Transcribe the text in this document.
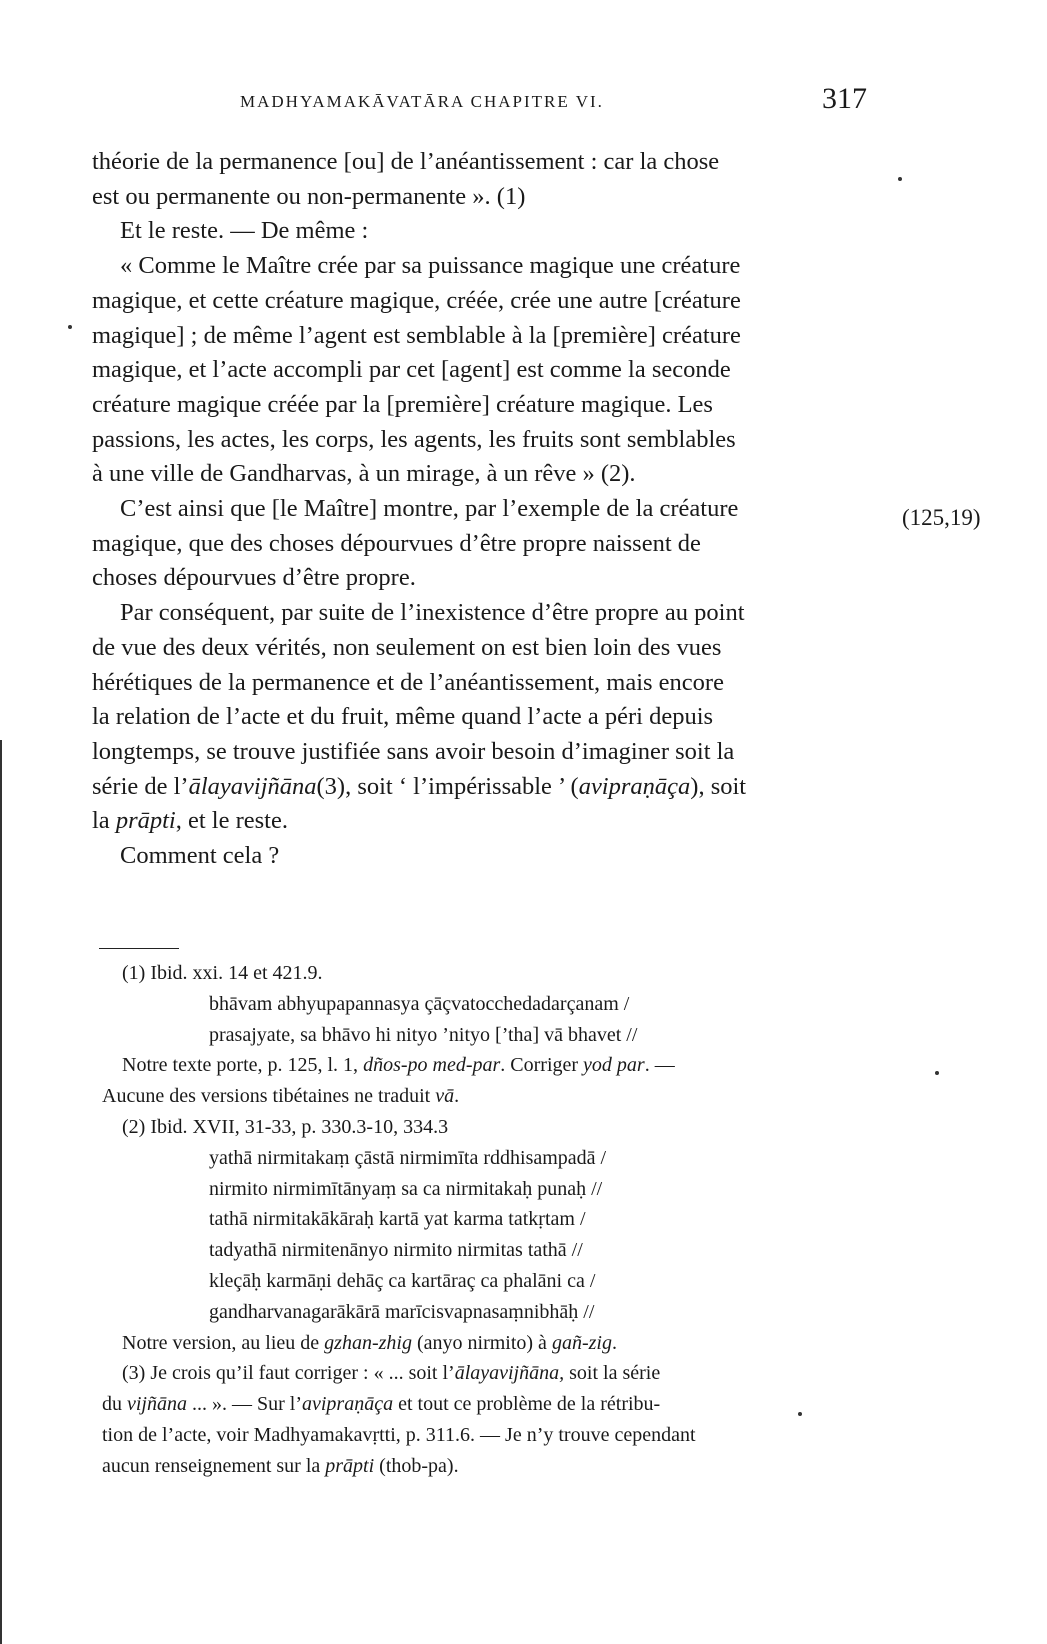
MADHYAMAKĀVATĀRA CHAPITRE VI.	317
théorie de la permanence [ou] de l’anéantissement : car la chose
est ou permanente ou non-permanente ». (1)
Et le reste. — De même :
« Comme le Maître crée par sa puissance magique une créature
magique, et cette créature magique, créée, crée une autre [créature
magique] ; de même l’agent est semblable à la [première] créature
magique, et l’acte accompli par cet [agent] est comme la seconde
créature magique créée par la [première] créature magique. Les
passions, les actes, les corps, les agents, les fruits sont semblables
à une ville de Gandharvas, à un mirage, à un rêve » (2).
C’est ainsi que [le Maître] montre, par l’exemple de la créature
magique, que des choses dépourvues d’être propre naissent de
choses dépourvues d’être propre.
Par conséquent, par suite de l’inexistence d’être propre au point
de vue des deux vérités, non seulement on est bien loin des vues
hérétiques de la permanence et de l’anéantissement, mais encore
la relation de l’acte et du fruit, même quand l’acte a péri depuis
longtemps, se trouve justifiée sans avoir besoin d’imaginer soit la
série de l’ālayavijñāna(3), soit ‘ l’impérissable ’ (avipraṇāça), soit
la prāpti, et le reste.
Comment cela ?
(125,19)
(1) Ibid. xxi. 14 et 421.9.
bhāvam abhyupapannasya çāçvatocchedadarçanam /
prasajyate, sa bhāvo hi nityo ’nityo [’tha] vā bhavet //
Notre texte porte, p. 125, l. 1, dños-po med-par. Corriger yod par. —
Aucune des versions tibétaines ne traduit vā.
(2) Ibid. XVII, 31-33, p. 330.3-10, 334.3
yathā nirmitakaṃ çāstā nirmimīta rddhisampadā /
nirmito nirmimītānyaṃ sa ca nirmitakaḥ punaḥ //
tathā nirmitakākāraḥ kartā yat karma tatkṛtam /
tadyathā nirmitenānyo nirmito nirmitas tathā //
kleçāḥ karmāṇi dehāç ca kartāraç ca phalāni ca /
gandharvanagarākārā marīcisvapnasaṃnibhāḥ //
Notre version, au lieu de gzhan-zhig (anyo nirmito) à gañ-zig.
(3) Je crois qu’il faut corriger : « ... soit l’ālayavijñāna, soit la série
du vijñāna ... ». — Sur l’avipraṇāça et tout ce problème de la rétribu-
tion de l’acte, voir Madhyamakavṛtti, p. 311.6. — Je n’y trouve cependant
aucun renseignement sur la prāpti (thob-pa).
